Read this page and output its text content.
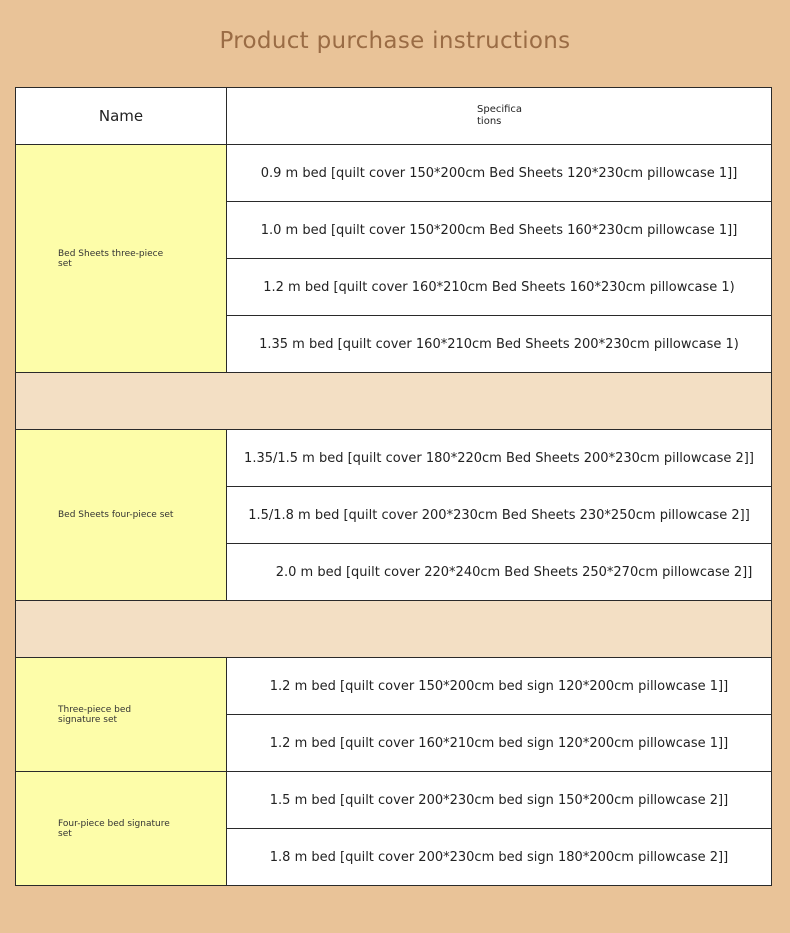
Product purchase instructions
Name	Specifications

Bed Sheets three-piece set	0.9 m bed [quilt cover 150*200cm Bed Sheets 120*230cm pillowcase 1]]
	1.0 m bed [quilt cover 150*200cm Bed Sheets 160*230cm pillowcase 1]]
	1.2 m bed [quilt cover 160*210cm Bed Sheets 160*230cm pillowcase 1)
	1.35 m bed [quilt cover 160*210cm Bed Sheets 200*230cm pillowcase 1)

Bed Sheets four-piece set	1.35/1.5 m bed [quilt cover 180*220cm Bed Sheets 200*230cm pillowcase 2]]
	1.5/1.8 m bed [quilt cover 200*230cm Bed Sheets 230*250cm pillowcase 2]]
	2.0 m bed [quilt cover 220*240cm Bed Sheets 250*270cm pillowcase 2]]

Three-piece bed signature set	1.2 m bed [quilt cover 150*200cm bed sign 120*200cm pillowcase 1]]
	1.2 m bed [quilt cover 160*210cm bed sign 120*200cm pillowcase 1]]
Four-piece bed signature set	1.5 m bed [quilt cover 200*230cm bed sign 150*200cm pillowcase 2]]
	1.8 m bed [quilt cover 200*230cm bed sign 180*200cm pillowcase 2]]
